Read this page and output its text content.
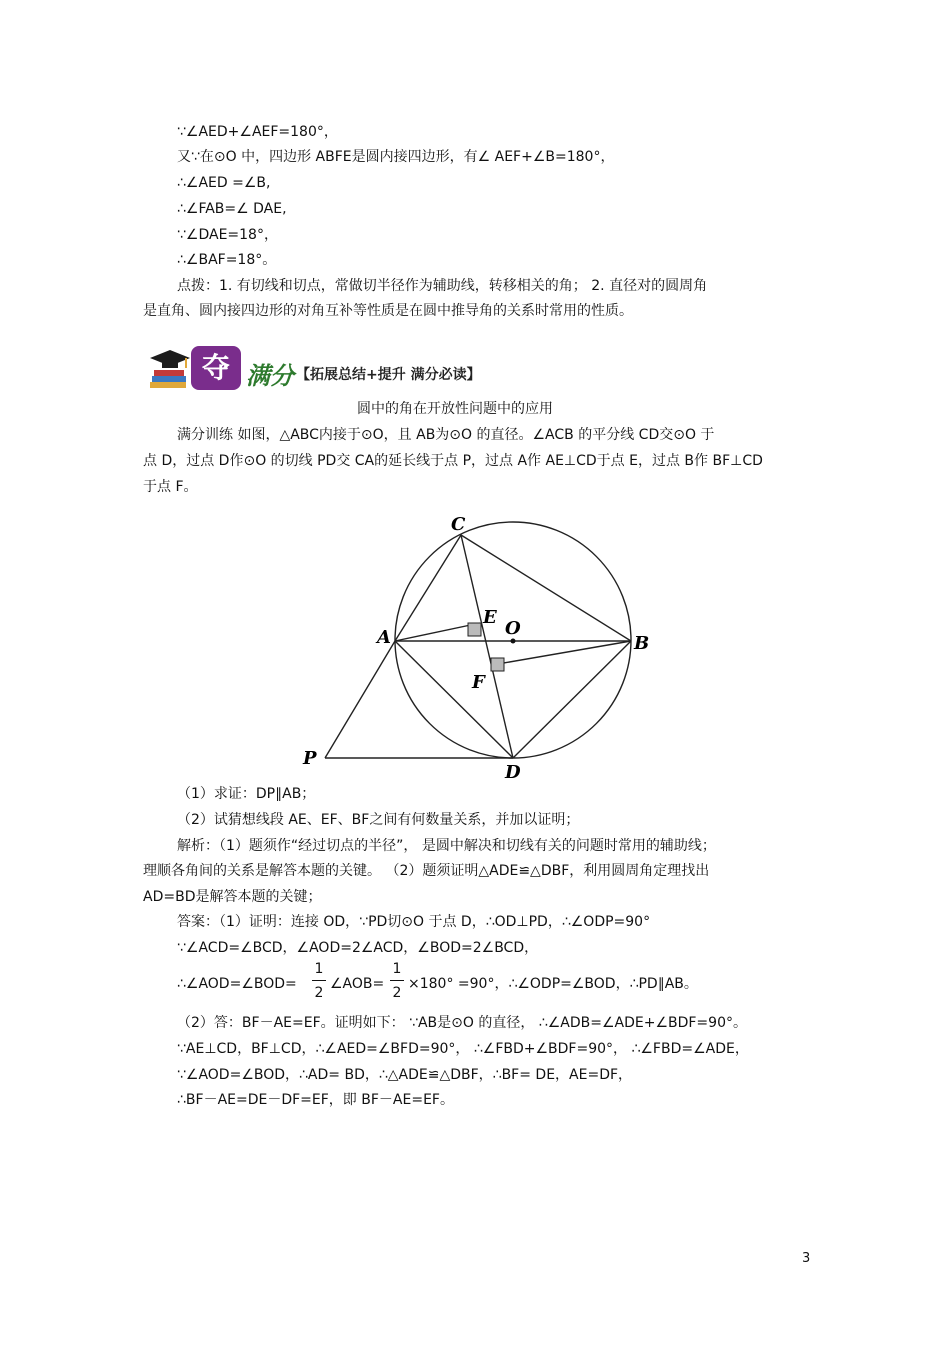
∵∠AED+∠AEF=180°，
又∵在⊙O 中，四边形 ABFE是圆内接四边形，有∠ AEF+∠B=180°，
∴∠AED =∠B,
∴∠FAB=∠ DAE,
∵∠DAE=18°，
∴∠BAF=18°。
点拨：1. 有切线和切点，常做切半径作为辅助线，转移相关的角； 2. 直径对的圆周角
是直角、圆内接四边形的对角互补等性质是在圆中推导角的关系时常用的性质。
夺 满分 【拓展总结+提升 满分必读】
圆中的角在开放性问题中的应用
满分训练 如图，△ABC内接于⊙O，且 AB为⊙O 的直径。∠ACB 的平分线 CD交⊙O 于
点 D，过点 D作⊙O 的切线 PD交 CA的延长线于点 P，过点 A作 AE⊥CD于点 E，过点 B作 BF⊥CD
于点 F。
C
E
O
A	B
F
P
D
（1）求证：DP∥AB；
（2）试猜想线段 AE、EF、BF之间有何数量关系，并加以证明；
解析：（1）题须作“经过切点的半径”， 是圆中解决和切线有关的问题时常用的辅助线；
理顺各角间的关系是解答本题的关键。 （2）题须证明△ADE≌△DBF，利用圆周角定理找出
AD=BD是解答本题的关键；
答案：（1）证明：连接 OD，∵PD切⊙O 于点 D，∴OD⊥PD，∴∠ODP=90°
∵∠ACD=∠BCD，∠AOD=2∠ACD，∠BOD=2∠BCD，
∴∠AOD=∠BOD=
1
2
∠AOB=
1
2
×180° =90°，∴∠ODP=∠BOD，∴PD∥AB。
（2）答：BF－AE=EF。证明如下： ∵AB是⊙O 的直径， ∴∠ADB=∠ADE+∠BDF=90°。
∵AE⊥CD，BF⊥CD，∴∠AED=∠BFD=90°， ∴∠FBD+∠BDF=90°， ∴∠FBD=∠ADE，
∵∠AOD=∠BOD，∴AD= BD，∴△ADE≌△DBF，∴BF= DE，AE=DF，
∴BF－AE=DE－DF=EF，即 BF－AE=EF。
3
